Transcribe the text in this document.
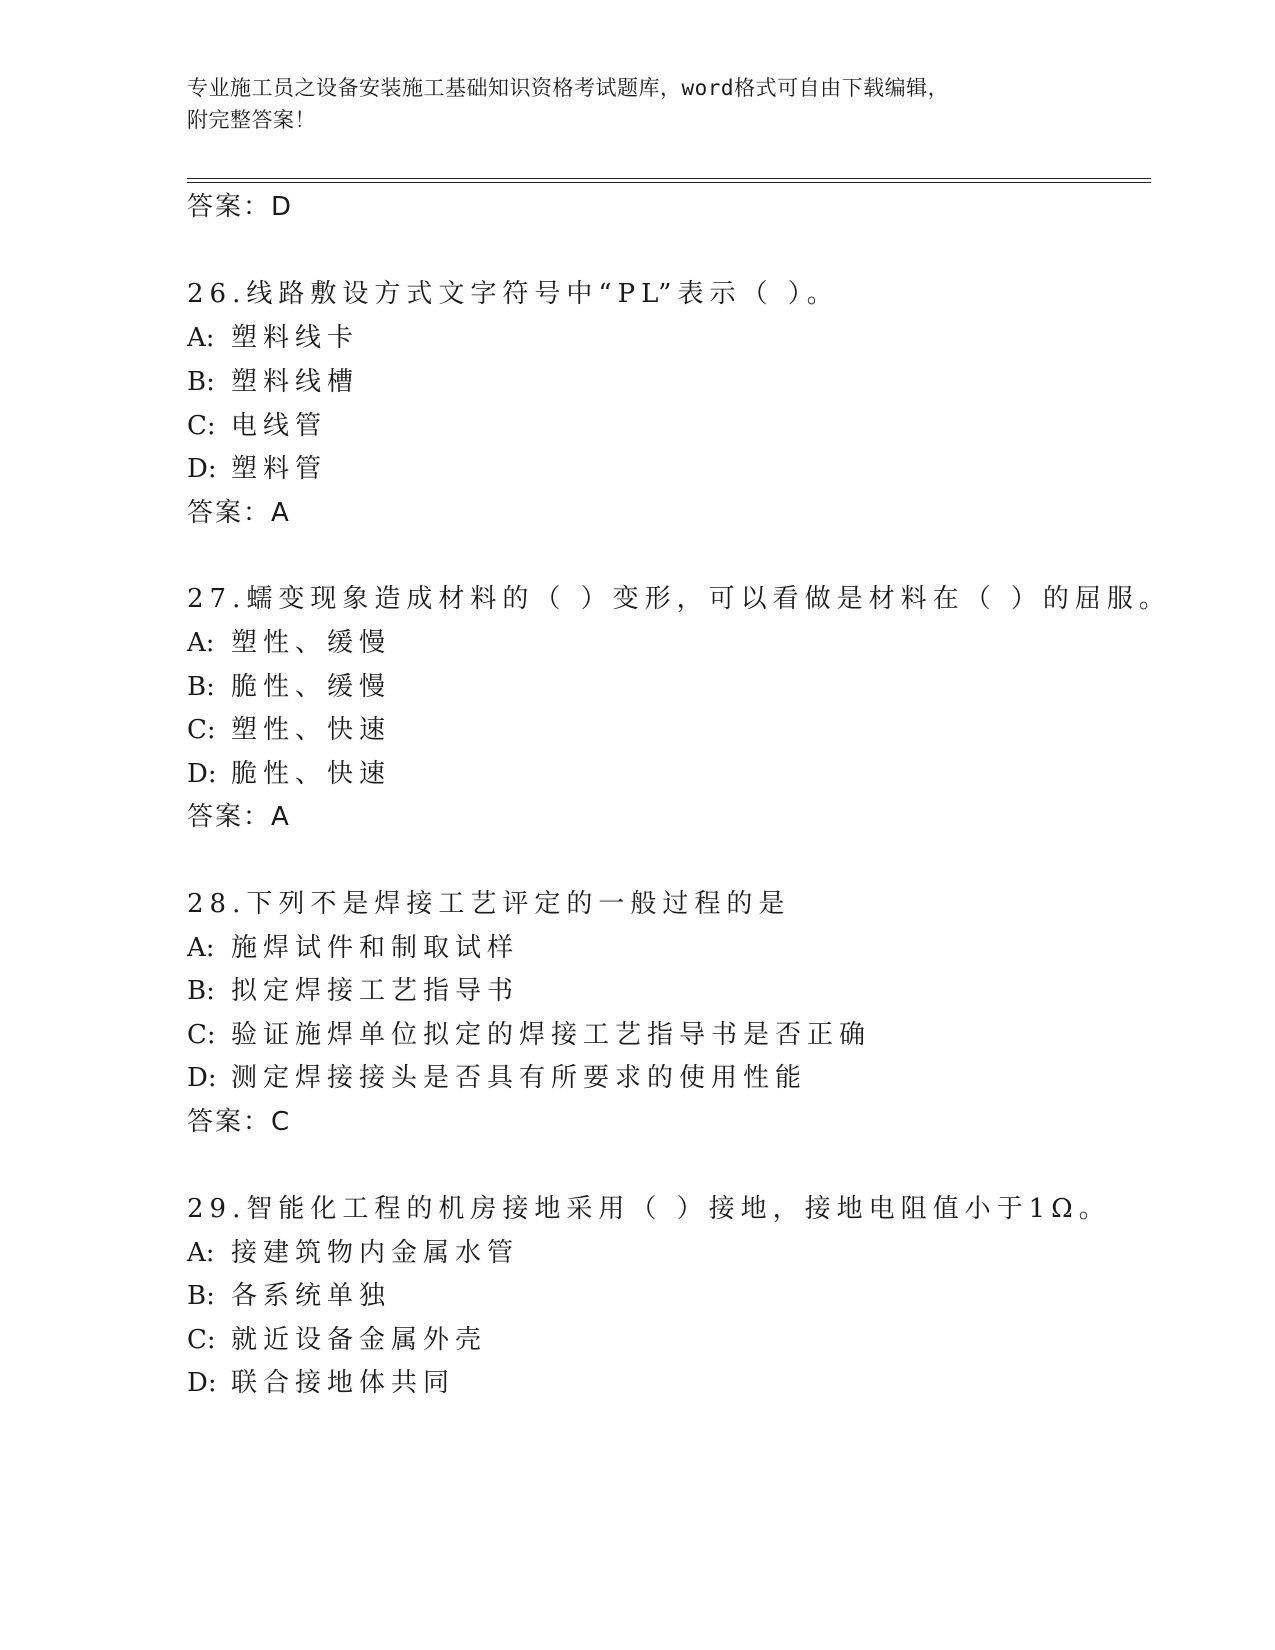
专业施工员之设备安装施工基础知识资格考试题库，word格式可自由下载编辑，
附完整答案！
答案：D
26.线路敷设方式文字符号中“PL”表示（ ）。
A: 塑料线卡
B: 塑料线槽
C: 电线管
D: 塑料管
答案：A
27.蠕变现象造成材料的（ ）变形，可以看做是材料在（ ）的屈服。
A: 塑性、缓慢
B: 脆性、缓慢
C: 塑性、快速
D: 脆性、快速
答案：A
28.下列不是焊接工艺评定的一般过程的是
A: 施焊试件和制取试样
B: 拟定焊接工艺指导书
C: 验证施焊单位拟定的焊接工艺指导书是否正确
D: 测定焊接接头是否具有所要求的使用性能
答案：C
29.智能化工程的机房接地采用（ ）接地，接地电阻值小于1Ω。
A: 接建筑物内金属水管
B: 各系统单独
C: 就近设备金属外壳
D: 联合接地体共同
